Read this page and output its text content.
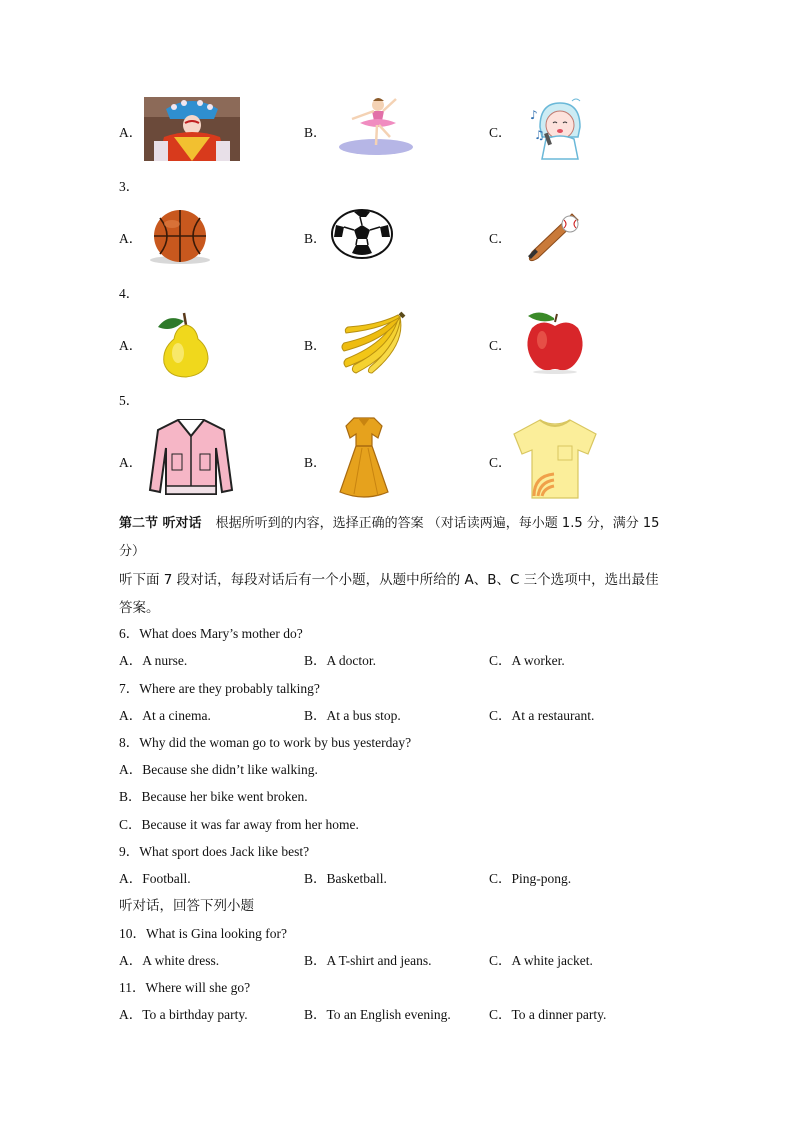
A．	B．	C．
♪
♫
3．
A．	B．	C．
4．
A．	B．	C．
5．
A．	B．	C．
第二节 听对话 根据所听到的内容，选择正确的答案 （对话读两遍，每小题 1.5 分，满分 15
分）
听下面 7 段对话，每段对话后有一个小题，从题中所给的 A、B、C 三个选项中，选出最佳
答案。
6．What does Mary’s mother do?
A．A nurse.	B．A doctor.	C．A worker.
7．Where are they probably talking?
A．At a cinema.	B．At a bus stop.	C．At a restaurant.
8．Why did the woman go to work by bus yesterday?
A．Because she didn’t like walking.
B．Because her bike went broken.
C．Because it was far away from her home.
9．What sport does Jack like best?
A．Football.	B．Basketball.	C．Ping-pong.
听对话，回答下列小题
10．What is Gina looking for?
A．A white dress.	B．A T-shirt and jeans.	C．A white jacket.
11．Where will she go?
A．To a birthday party.	B．To an English evening.	C．To a dinner party.
